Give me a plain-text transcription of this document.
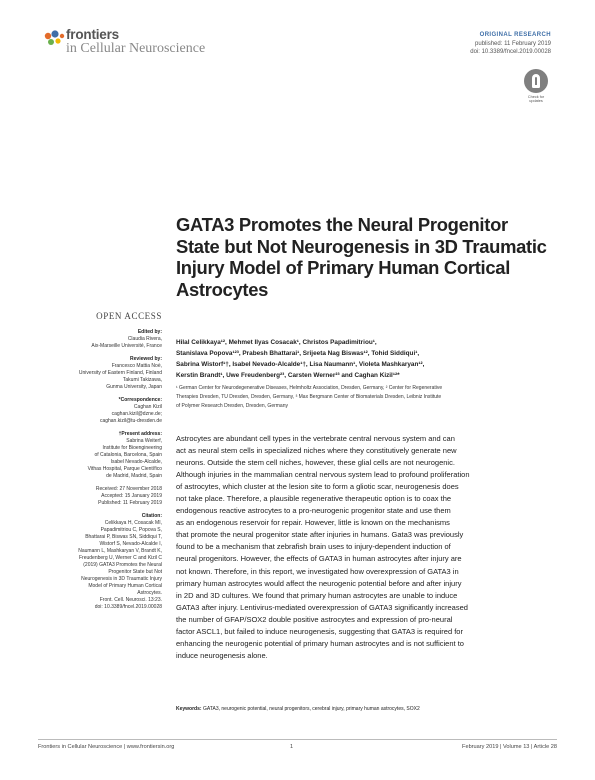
frontiers
in Cellular Neuroscience
ORIGINAL RESEARCH
published: 11 February 2019
doi: 10.3389/fncel.2019.00028
Check for updates
GATA3 Promotes the Neural Progenitor State but Not Neurogenesis in 3D Traumatic Injury Model of Primary Human Cortical Astrocytes
OPEN ACCESS
Edited by:
Claudia Rivera,
Aix-Marseille Université, France
Reviewed by:
Francesco Mattia Noè,
University of Eastern Finland, Finland
Takumi Takizawa,
Gunma University, Japan
*Correspondence:
Caghan Kizil
caghan.kizil@dzne.de;
caghan.kizil@tu-dresden.de
†Present address:
Sabrina Weiterf,
Institute for Bioengineering
of Catalonia, Barcelona, Spain
Isabel Nevado-Alcalde,
Vithas Hospital, Parque Científico
de Madrid, Madrid, Spain
Received: 27 November 2018
Accepted: 15 January 2019
Published: 11 February 2019
Citation:
Celikkaya H, Cosacak MI,
Papadimitriou C, Popova S,
Bhattarai P, Biswas SN, Siddiqui T,
Wistorf S, Nevado-Alcalde I,
Naumann L, Mashkaryan V, Brandt K,
Freudenberg U, Werner C and Kizil C
(2019) GATA3 Promotes the Neural
Progenitor State but Not
Neurogenesis in 3D Traumatic Injury
Model of Primary Human Cortical
Astrocytes.
Front. Cell. Neurosci. 13:23.
doi: 10.3389/fncel.2019.00028
Hilal Celikkaya¹², Mehmet Ilyas Cosacak¹, Christos Papadimitriou¹,
Stanislava Popova¹²³, Prabesh Bhattarai¹, Srijeeta Nag Biswas¹², Tohid Siddiqui¹,
Sabrina Wistorf¹†, Isabel Nevado-Alcalde¹†, Lisa Naumann¹, Violeta Mashkaryan¹²,
Kerstin Brandt¹, Uwe Freudenberg²³, Carsten Werner²³ and Caghan Kizil¹²*
¹ German Center for Neurodegenerative Diseases, Helmholtz Association, Dresden, Germany, ² Center for Regenerative
Therapies Dresden, TU Dresden, Dresden, Germany, ³ Max Bergmann Center of Biomaterials Dresden, Leibniz Institute
of Polymer Research Dresden, Dresden, Germany
Astrocytes are abundant cell types in the vertebrate central nervous system and can
act as neural stem cells in specialized niches where they constitutively generate new
neurons. Outside the stem cell niches, however, these glial cells are not neurogenic.
Although injuries in the mammalian central nervous system lead to profound proliferation
of astrocytes, which cluster at the lesion site to form a gliotic scar, neurogenesis does
not take place. Therefore, a plausible regenerative therapeutic option is to coax the
endogenous reactive astrocytes to a pro-neurogenic progenitor state and use them
as an endogenous reservoir for repair. However, little is known on the mechanisms
that promote the neural progenitor state after injuries in humans. Gata3 was previously
found to be a mechanism that zebrafish brain uses to injury-dependent induction of
neural progenitors. However, the effects of GATA3 in human astrocytes after injury are
not known. Therefore, in this report, we investigated how overexpression of GATA3 in
primary human astrocytes would affect the neurogenic potential before and after injury
in 2D and 3D cultures. We found that primary human astrocytes are unable to induce
GATA3 after injury. Lentivirus-mediated overexpression of GATA3 significantly increased
the number of GFAP/SOX2 double positive astrocytes and expression of pro-neural
factor ASCL1, but failed to induce neurogenesis, suggesting that GATA3 is required for
enhancing the neurogenic potential of primary human astrocytes and is not sufficient to
induce neurogenesis alone.
Keywords: GATA3, neurogenic potential, neural progenitors, cerebral injury, primary human astrocytes, SOX2
Frontiers in Cellular Neuroscience | www.frontiersin.org	1	February 2019 | Volume 13 | Article 28
